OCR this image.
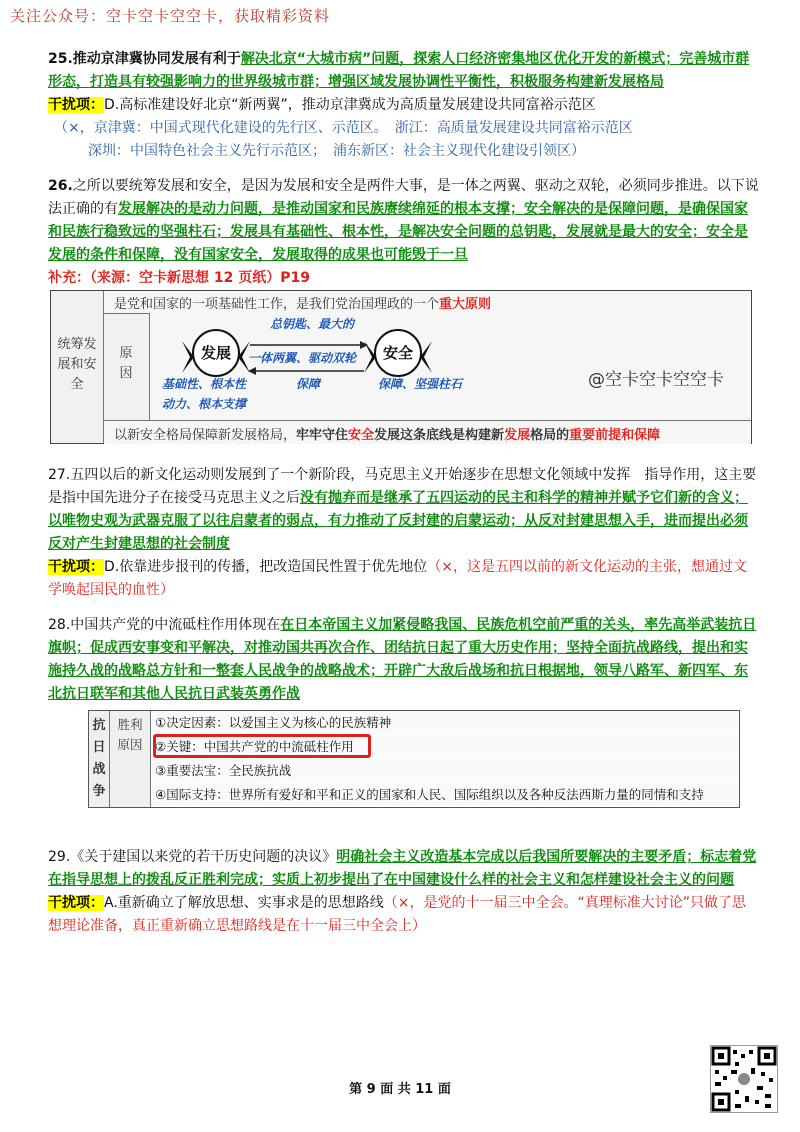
关注公众号：空卡空卡空空卡，获取精彩资料
25.推动京津冀协同发展有利于解决北京“大城市病”问题，探索人口经济密集地区优化开发的新模式；完善城市群形态，打造具有较强影响力的世界级城市群；增强区域发展协调性平衡性，积极服务构建新发展格局
干扰项：D.高标准建设好北京“新两翼”，推动京津冀成为高质量发展建设共同富裕示范区
（×，京津冀：中国式现代化建设的先行区、示范区。　浙江：高质量发展建设共同富裕示范区
深圳：中国特色社会主义先行示范区；　浦东新区：社会主义现代化建设引领区）
26.之所以要统筹发展和安全，是因为发展和安全是两件大事，是一体之两翼、驱动之双轮，必须同步推进。以下说法正确的有发展解决的是动力问题，是推动国家和民族赓续绵延的根本支撑；安全解决的是保障问题，是确保国家和民族行稳致远的坚强柱石；发展具有基础性、根本性，是解决安全问题的总钥匙，发展就是最大的安全；安全是发展的条件和保障，没有国家安全，发展取得的成果也可能毁于一旦
补充：（来源：空卡新思想 12 页纸）P19
统筹发展和安全
是党和国家的一项基础性工作，是我们党治国理政的一个重大原则
原因
发展	安全
总钥匙、最大的
一体两翼、驱动双轮
保障
基础性、根本性
动力、根本支撑
保障、坚强柱石	@空卡空卡空空卡
以新安全格局保障新发展格局，牢牢守住安全发展这条底线是构建新发展格局的重要前提和保障
27.五四以后的新文化运动则发展到了一个新阶段，马克思主义开始逐步在思想文化领域中发挥　指导作用，这主要是指中国先进分子在接受马克思主义之后没有抛弃而是继承了五四运动的民主和科学的精神并赋予它们新的含义；以唯物史观为武器克服了以往启蒙者的弱点，有力推动了反封建的启蒙运动；从反对封建思想入手，进而提出必须反对产生封建思想的社会制度
干扰项：D.依靠进步报刊的传播，把改造国民性置于优先地位（×，这是五四以前的新文化运动的主张，想通过文学唤起国民的血性）
28.中国共产党的中流砥柱作用体现在在日本帝国主义加紧侵略我国、民族危机空前严重的关头，率先高举武装抗日旗帜；促成西安事变和平解决，对推动国共再次合作、团结抗日起了重大历史作用；坚持全面抗战路线，提出和实施持久战的战略总方针和一整套人民战争的战略战术；开辟广大敌后战场和抗日根据地，领导八路军、新四军、东北抗日联军和其他人民抗日武装英勇作战
抗日战争
胜利原因
①决定因素：以爱国主义为核心的民族精神
②关键：中国共产党的中流砥柱作用
③重要法宝：全民族抗战
④国际支持：世界所有爱好和平和正义的国家和人民、国际组织以及各种反法西斯力量的同情和支持
29.《关于建国以来党的若干历史问题的决议》明确社会主义改造基本完成以后我国所要解决的主要矛盾；标志着党在指导思想上的拨乱反正胜利完成；实质上初步提出了在中国建设什么样的社会主义和怎样建设社会主义的问题
干扰项：A.重新确立了解放思想、实事求是的思想路线（×，是党的十一届三中全会。“真理标准大讨论”只做了思想理论准备，真正重新确立思想路线是在十一届三中全会上）
第 9 面 共 11 面
